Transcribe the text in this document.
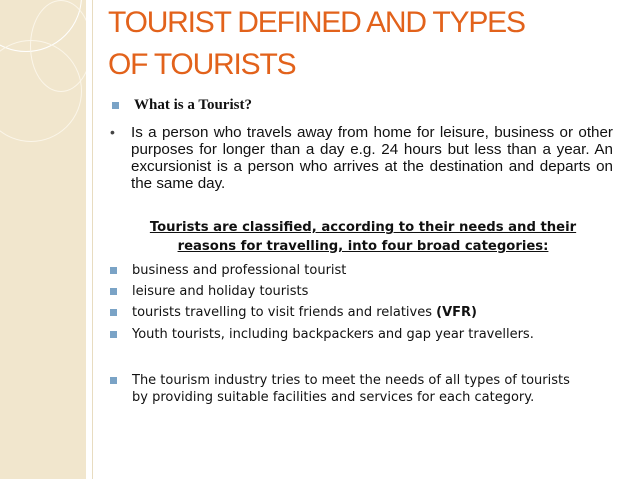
TOURIST DEFINED AND TYPES
OF TOURISTS

What is a Tourist?

• Is a person who travels away from home for leisure, business or other purposes for longer than a day e.g. 24 hours but less than a year. An excursionist is a person who arrives at the destination and departs on the same day.

Tourists are classified, according to their needs and their reasons for travelling, into four broad categories:

business and professional tourist

leisure and holiday tourists

tourists travelling to visit friends and relatives (VFR)

Youth tourists, including backpackers and gap year travellers.

The tourism industry tries to meet the needs of all types of tourists by providing suitable facilities and services for each category.
